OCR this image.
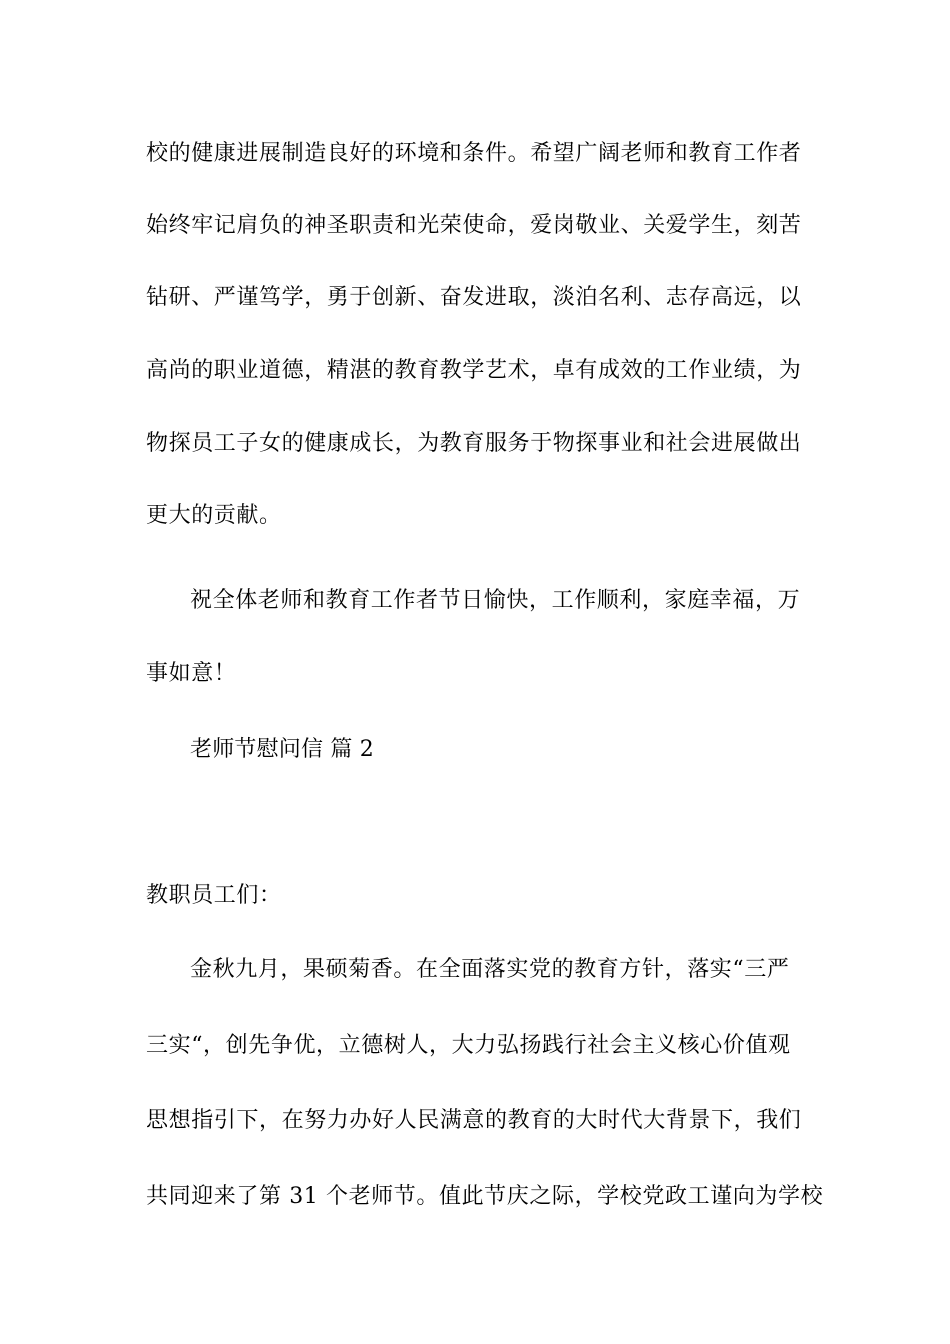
校的健康进展制造良好的环境和条件。希望广阔老师和教育工作者
始终牢记肩负的神圣职责和光荣使命，爱岗敬业、关爱学生，刻苦
钻研、严谨笃学，勇于创新、奋发进取，淡泊名利、志存高远，以
高尚的职业道德，精湛的教育教学艺术，卓有成效的工作业绩，为
物探员工子女的健康成长，为教育服务于物探事业和社会进展做出
更大的贡献。
祝全体老师和教育工作者节日愉快，工作顺利，家庭幸福，万
事如意！
老师节慰问信 篇 2
教职员工们：
金秋九月，果硕菊香。在全面落实党的教育方针，落实“三严
三实“，创先争优，立德树人，大力弘扬践行社会主义核心价值观
思想指引下，在努力办好人民满意的教育的大时代大背景下，我们
共同迎来了第 31 个老师节。值此节庆之际，学校党政工谨向为学校
